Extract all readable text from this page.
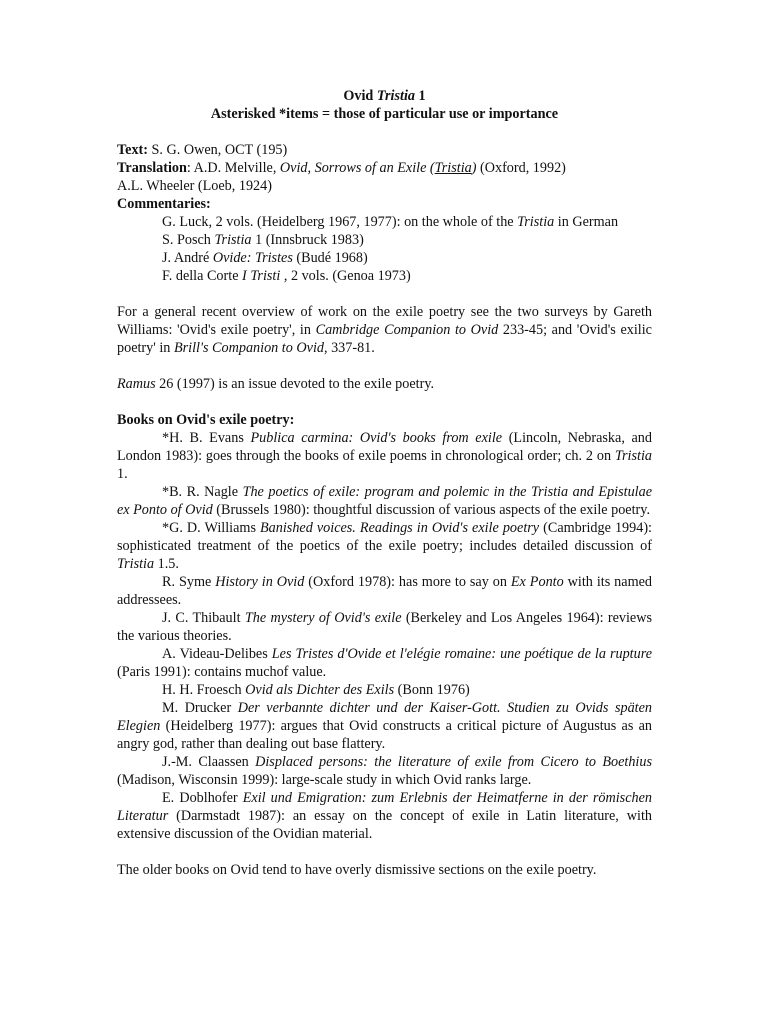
Ovid Tristia 1

Asterisked *items = those of particular use or importance

Text: S. G. Owen, OCT (195)

Translation: A.D. Melville, Ovid, Sorrows of an Exile (Tristia) (Oxford, 1992)

A.L. Wheeler (Loeb, 1924)

Commentaries:

G. Luck, 2 vols. (Heidelberg 1967, 1977): on the whole of the Tristia in German

S. Posch Tristia 1 (Innsbruck 1983)

J. André Ovide: Tristes (Budé 1968)

F. della Corte I Tristi , 2 vols. (Genoa 1973)

For a general recent overview of work on the exile poetry see the two surveys by Gareth Williams: 'Ovid's exile poetry', in Cambridge Companion to Ovid 233-45; and 'Ovid's exilic poetry' in Brill's Companion to Ovid, 337-81.

Ramus 26 (1997) is an issue devoted to the exile poetry.

Books on Ovid's exile poetry:

*H. B. Evans Publica carmina: Ovid's books from exile (Lincoln, Nebraska, and London 1983): goes through the books of exile poems in chronological order; ch. 2 on Tristia 1.

*B. R. Nagle The poetics of exile: program and polemic in the Tristia and Epistulae ex Ponto of Ovid (Brussels 1980): thoughtful discussion of various aspects of the exile poetry.

*G. D. Williams Banished voices. Readings in Ovid's exile poetry (Cambridge 1994): sophisticated treatment of the poetics of the exile poetry; includes detailed discussion of Tristia 1.5.

R. Syme History in Ovid (Oxford 1978): has more to say on Ex Ponto with its named addressees.

J. C. Thibault The mystery of Ovid's exile (Berkeley and Los Angeles 1964): reviews the various theories.

A. Videau-Delibes Les Tristes d'Ovide et l'elégie romaine: une poétique de la rupture (Paris 1991): contains muchof value.

H. H. Froesch Ovid als Dichter des Exils (Bonn 1976)

M. Drucker Der verbannte dichter und der Kaiser-Gott. Studien zu Ovids späten Elegien (Heidelberg 1977): argues that Ovid constructs a critical picture of Augustus as an angry god, rather than dealing out base flattery.

J.-M. Claassen Displaced persons: the literature of exile from Cicero to Boethius (Madison, Wisconsin 1999): large-scale study in which Ovid ranks large.

E. Doblhofer Exil und Emigration: zum Erlebnis der Heimatferne in der römischen Literatur (Darmstadt 1987): an essay on the concept of exile in Latin literature, with extensive discussion of the Ovidian material.

The older books on Ovid tend to have overly dismissive sections on the exile poetry.
